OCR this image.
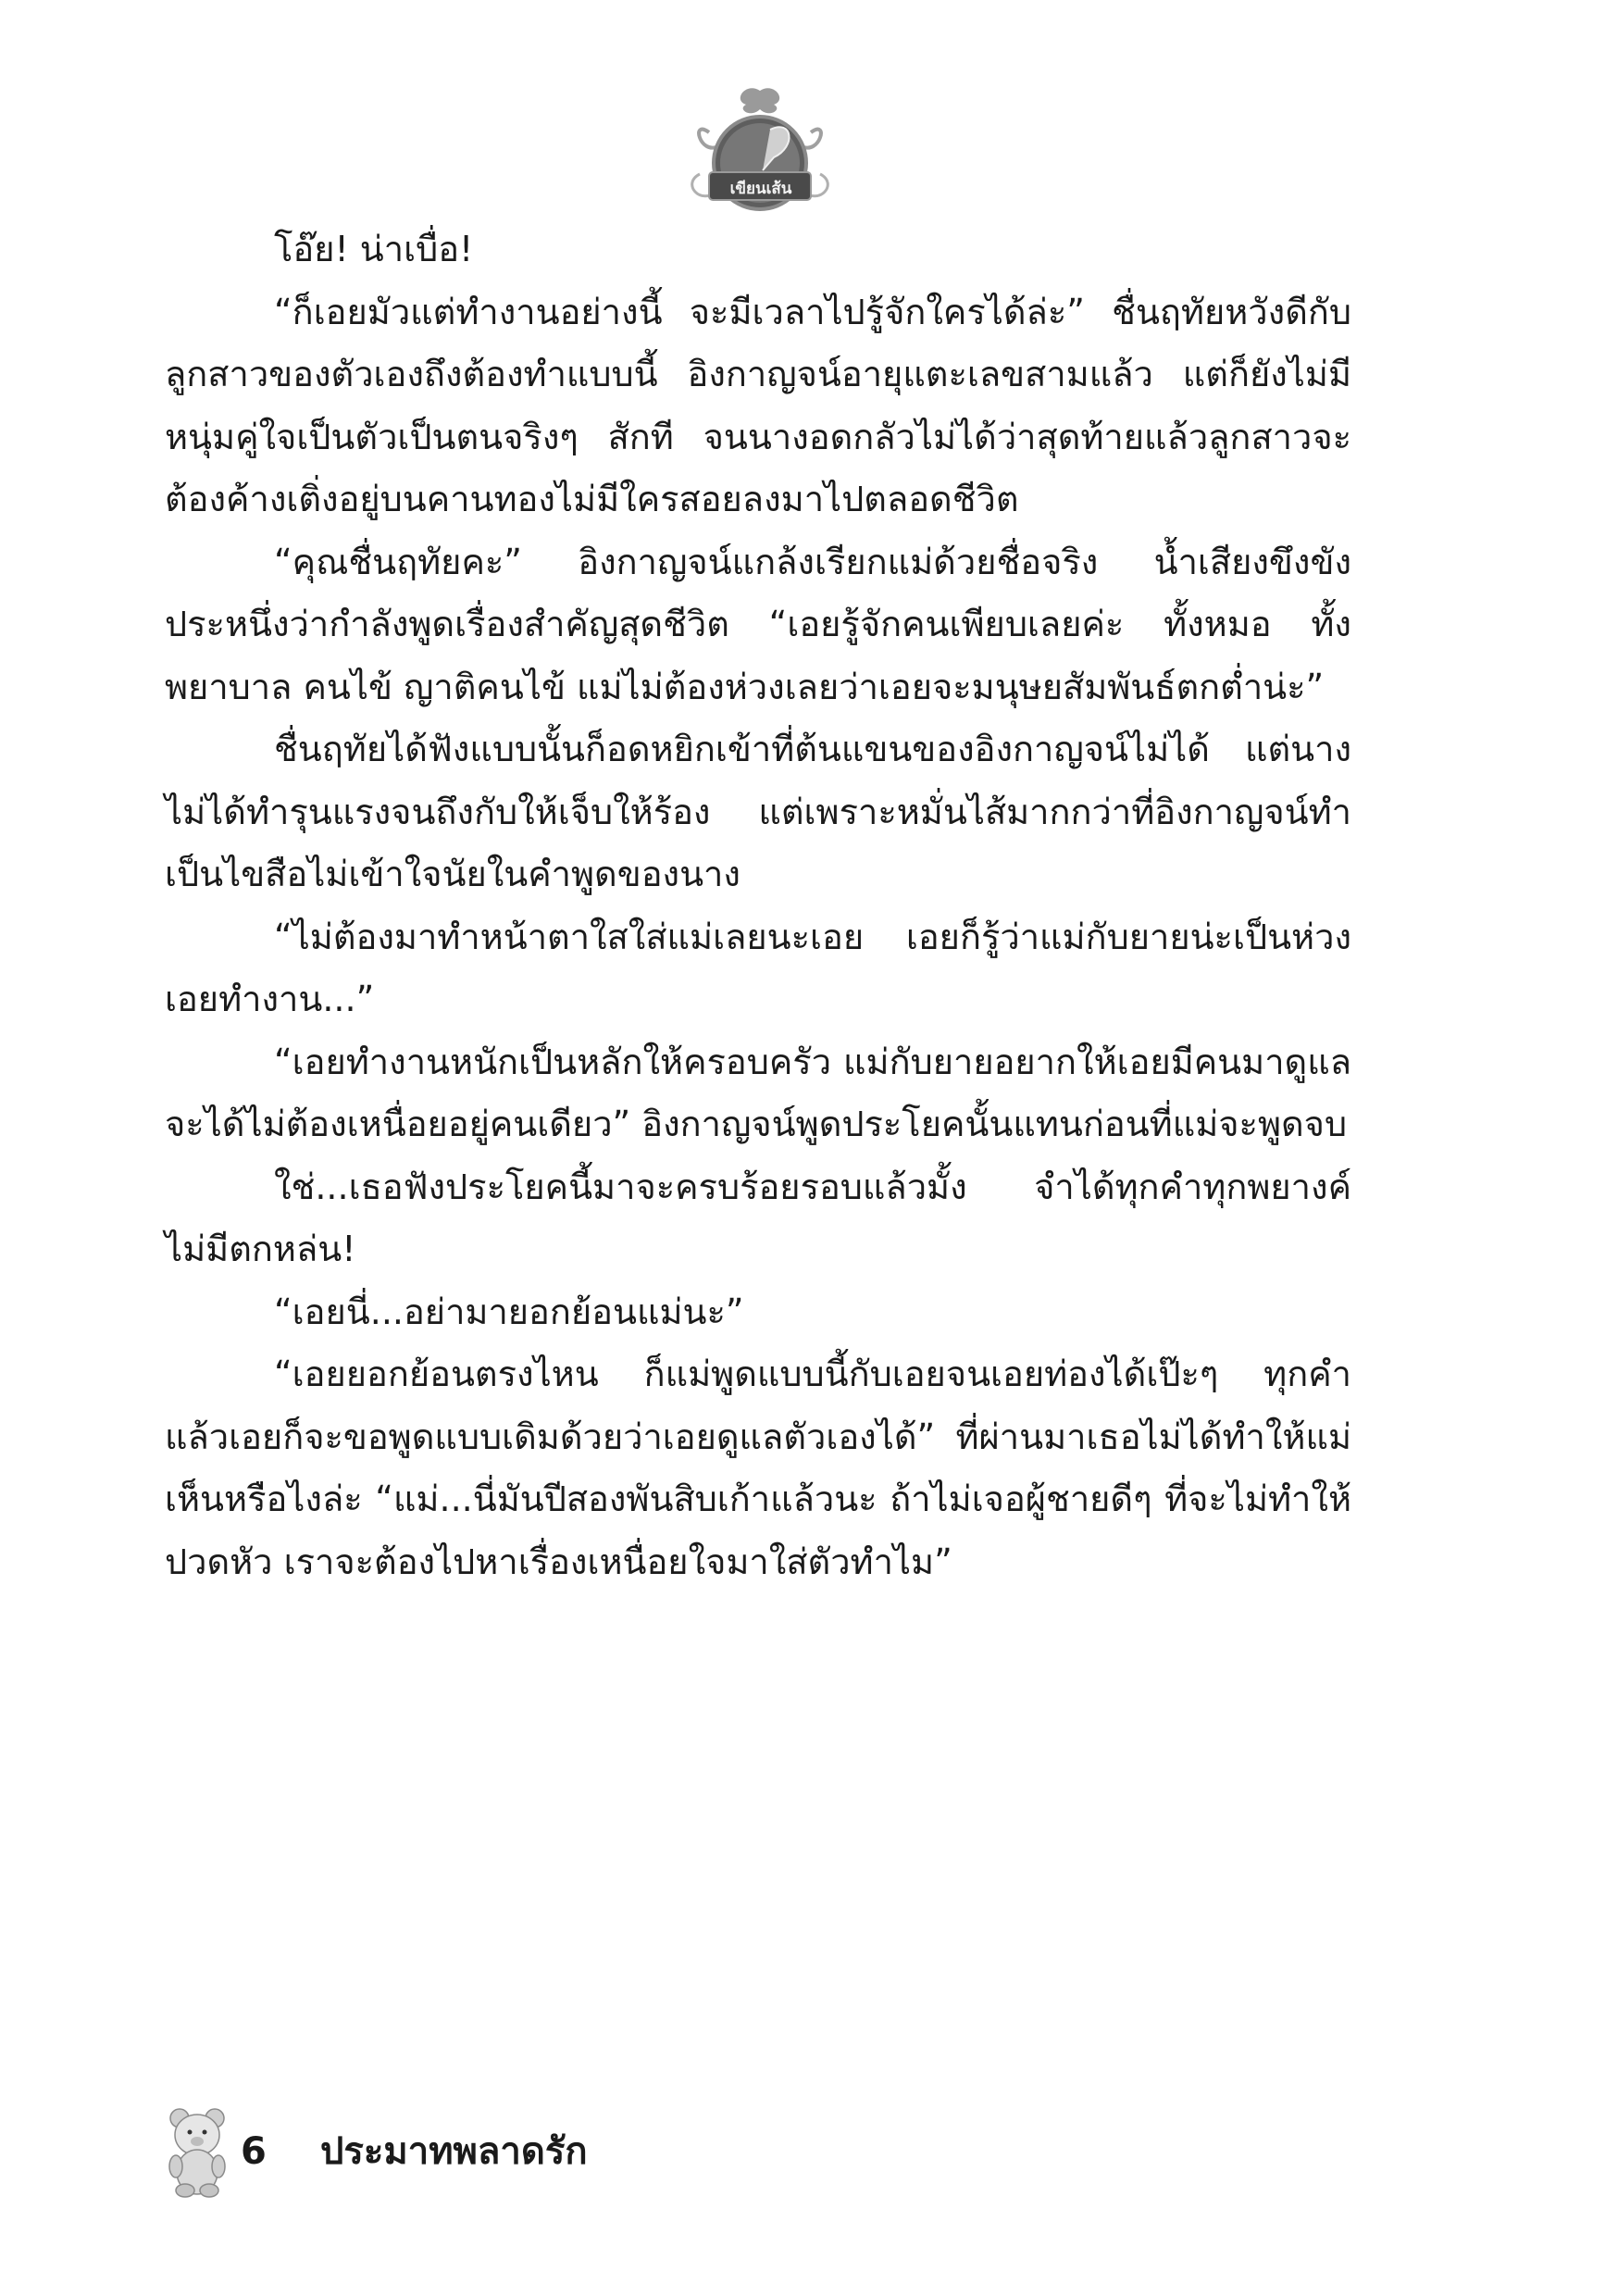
เขียนเส้น

โอ๊ย! น่าเบื่อ!

“ก็เอยมัวแต่ทำงานอย่างนี้ จะมีเวลาไปรู้จักใครได้ล่ะ” ชื่นฤทัยหวังดีกับลูกสาวของตัวเองถึงต้องทำแบบนี้ อิงกาญจน์อายุแตะเลขสามแล้ว แต่ก็ยังไม่มีหนุ่มคู่ใจเป็นตัวเป็นตนจริงๆ สักที จนนางอดกลัวไม่ได้ว่าสุดท้ายแล้วลูกสาวจะต้องค้างเติ่งอยู่บนคานทองไม่มีใครสอยลงมาไปตลอดชีวิต

“คุณชื่นฤทัยคะ” อิงกาญจน์แกล้งเรียกแม่ด้วยชื่อจริง น้ำเสียงขึงขังประหนึ่งว่ากำลังพูดเรื่องสำคัญสุดชีวิต “เอยรู้จักคนเพียบเลยค่ะ ทั้งหมอ ทั้งพยาบาล คนไข้ ญาติคนไข้ แม่ไม่ต้องห่วงเลยว่าเอยจะมนุษยสัมพันธ์ตกต่ำน่ะ”

ชื่นฤทัยได้ฟังแบบนั้นก็อดหยิกเข้าที่ต้นแขนของอิงกาญจน์ไม่ได้ แต่นางไม่ได้ทำรุนแรงจนถึงกับให้เจ็บให้ร้อง แต่เพราะหมั่นไส้มากกว่าที่อิงกาญจน์ทำเป็นไขสือไม่เข้าใจนัยในคำพูดของนาง

“ไม่ต้องมาทำหน้าตาใสใส่แม่เลยนะเอย เอยก็รู้ว่าแม่กับยายน่ะเป็นห่วง เอยทำงาน...”

“เอยทำงานหนักเป็นหลักให้ครอบครัว แม่กับยายอยากให้เอยมีคนมาดูแล จะได้ไม่ต้องเหนื่อยอยู่คนเดียว” อิงกาญจน์พูดประโยคนั้นแทนก่อนที่แม่จะพูดจบ

ใช่...เธอฟังประโยคนี้มาจะครบร้อยรอบแล้วมั้ง จำได้ทุกคำทุกพยางค์ไม่มีตกหล่น!

“เอยนี่...อย่ามายอกย้อนแม่นะ”

“เอยยอกย้อนตรงไหน ก็แม่พูดแบบนี้กับเอยจนเอยท่องได้เป๊ะๆ ทุกคำ แล้วเอยก็จะขอพูดแบบเดิมด้วยว่าเอยดูแลตัวเองได้” ที่ผ่านมาเธอไม่ได้ทำให้แม่เห็นหรือไงล่ะ “แม่...นี่มันปีสองพันสิบเก้าแล้วนะ ถ้าไม่เจอผู้ชายดีๆ ที่จะไม่ทำให้ปวดหัว เราจะต้องไปหาเรื่องเหนื่อยใจมาใส่ตัวทำไม”

6 ประมาทพลาดรัก
